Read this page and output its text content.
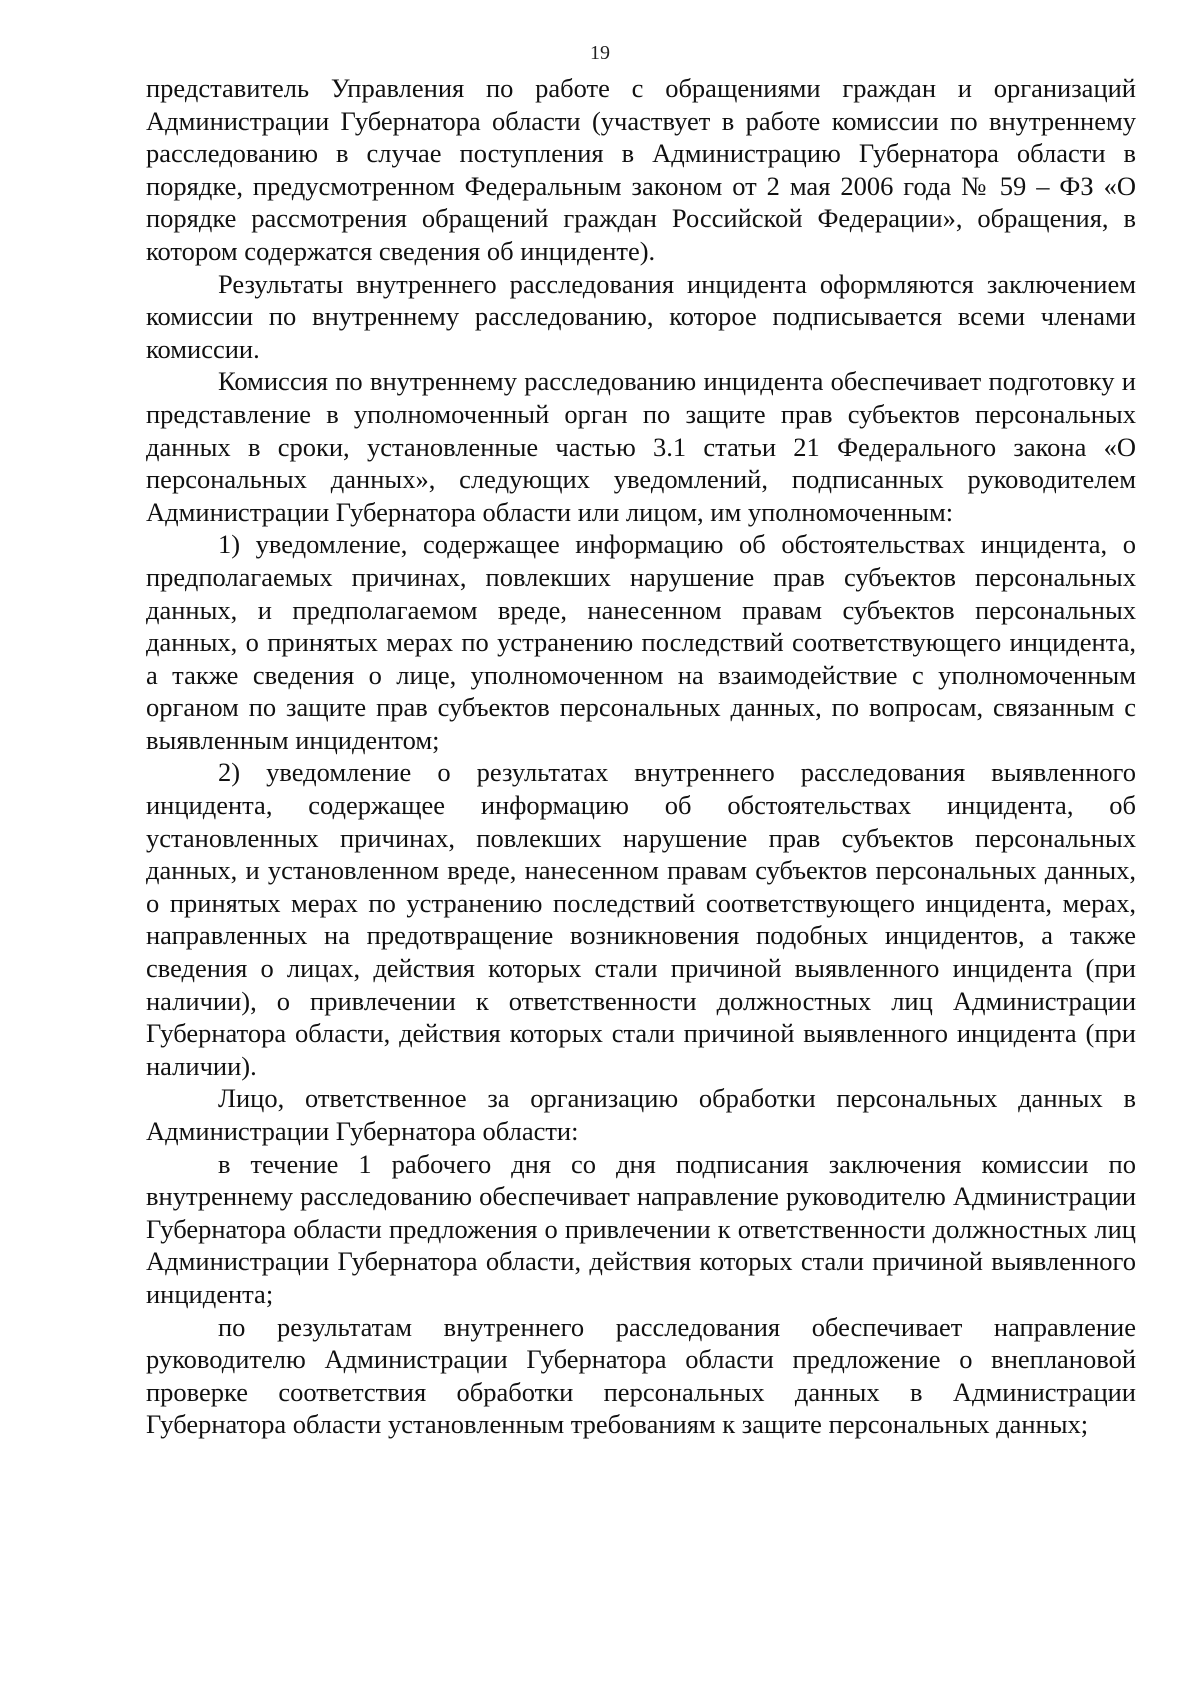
19

представитель Управления по работе с обращениями граждан и организаций Администрации Губернатора области (участвует в работе комиссии по внутреннему расследованию в случае поступления в Администрацию Губернатора области в порядке, предусмотренном Федеральным законом от 2 мая 2006 года № 59 – ФЗ «О порядке рассмотрения обращений граждан Российской Федерации», обращения, в котором содержатся сведения об инциденте).

Результаты внутреннего расследования инцидента оформляются заключением комиссии по внутреннему расследованию, которое подписывается всеми членами комиссии.

Комиссия по внутреннему расследованию инцидента обеспечивает подготовку и представление в уполномоченный орган по защите прав субъектов персональных данных в сроки, установленные частью 3.1 статьи 21 Федерального закона «О персональных данных», следующих уведомлений, подписанных руководителем Администрации Губернатора области или лицом, им уполномоченным:

1) уведомление, содержащее информацию об обстоятельствах инцидента, о предполагаемых причинах, повлекших нарушение прав субъектов персональных данных, и предполагаемом вреде, нанесенном правам субъектов персональных данных, о принятых мерах по устранению последствий соответствующего инцидента, а также сведения о лице, уполномоченном на взаимодействие с уполномоченным органом по защите прав субъектов персональных данных, по вопросам, связанным с выявленным инцидентом;

2) уведомление о результатах внутреннего расследования выявленного инцидента, содержащее информацию об обстоятельствах инцидента, об установленных причинах, повлекших нарушение прав субъектов персональных данных, и установленном вреде, нанесенном правам субъектов персональных данных, о принятых мерах по устранению последствий соответствующего инцидента, мерах, направленных на предотвращение возникновения подобных инцидентов, а также сведения о лицах, действия которых стали причиной выявленного инцидента (при наличии), о привлечении к ответственности должностных лиц Администрации Губернатора области, действия которых стали причиной выявленного инцидента (при наличии).

Лицо, ответственное за организацию обработки персональных данных в Администрации Губернатора области:

в течение 1 рабочего дня со дня подписания заключения комиссии по внутреннему расследованию обеспечивает направление руководителю Администрации Губернатора области предложения о привлечении к ответственности должностных лиц Администрации Губернатора области, действия которых стали причиной выявленного инцидента;

по результатам внутреннего расследования обеспечивает направление руководителю Администрации Губернатора области предложение о внеплановой проверке соответствия обработки персональных данных в Администрации Губернатора области установленным требованиям к защите персональных данных;
